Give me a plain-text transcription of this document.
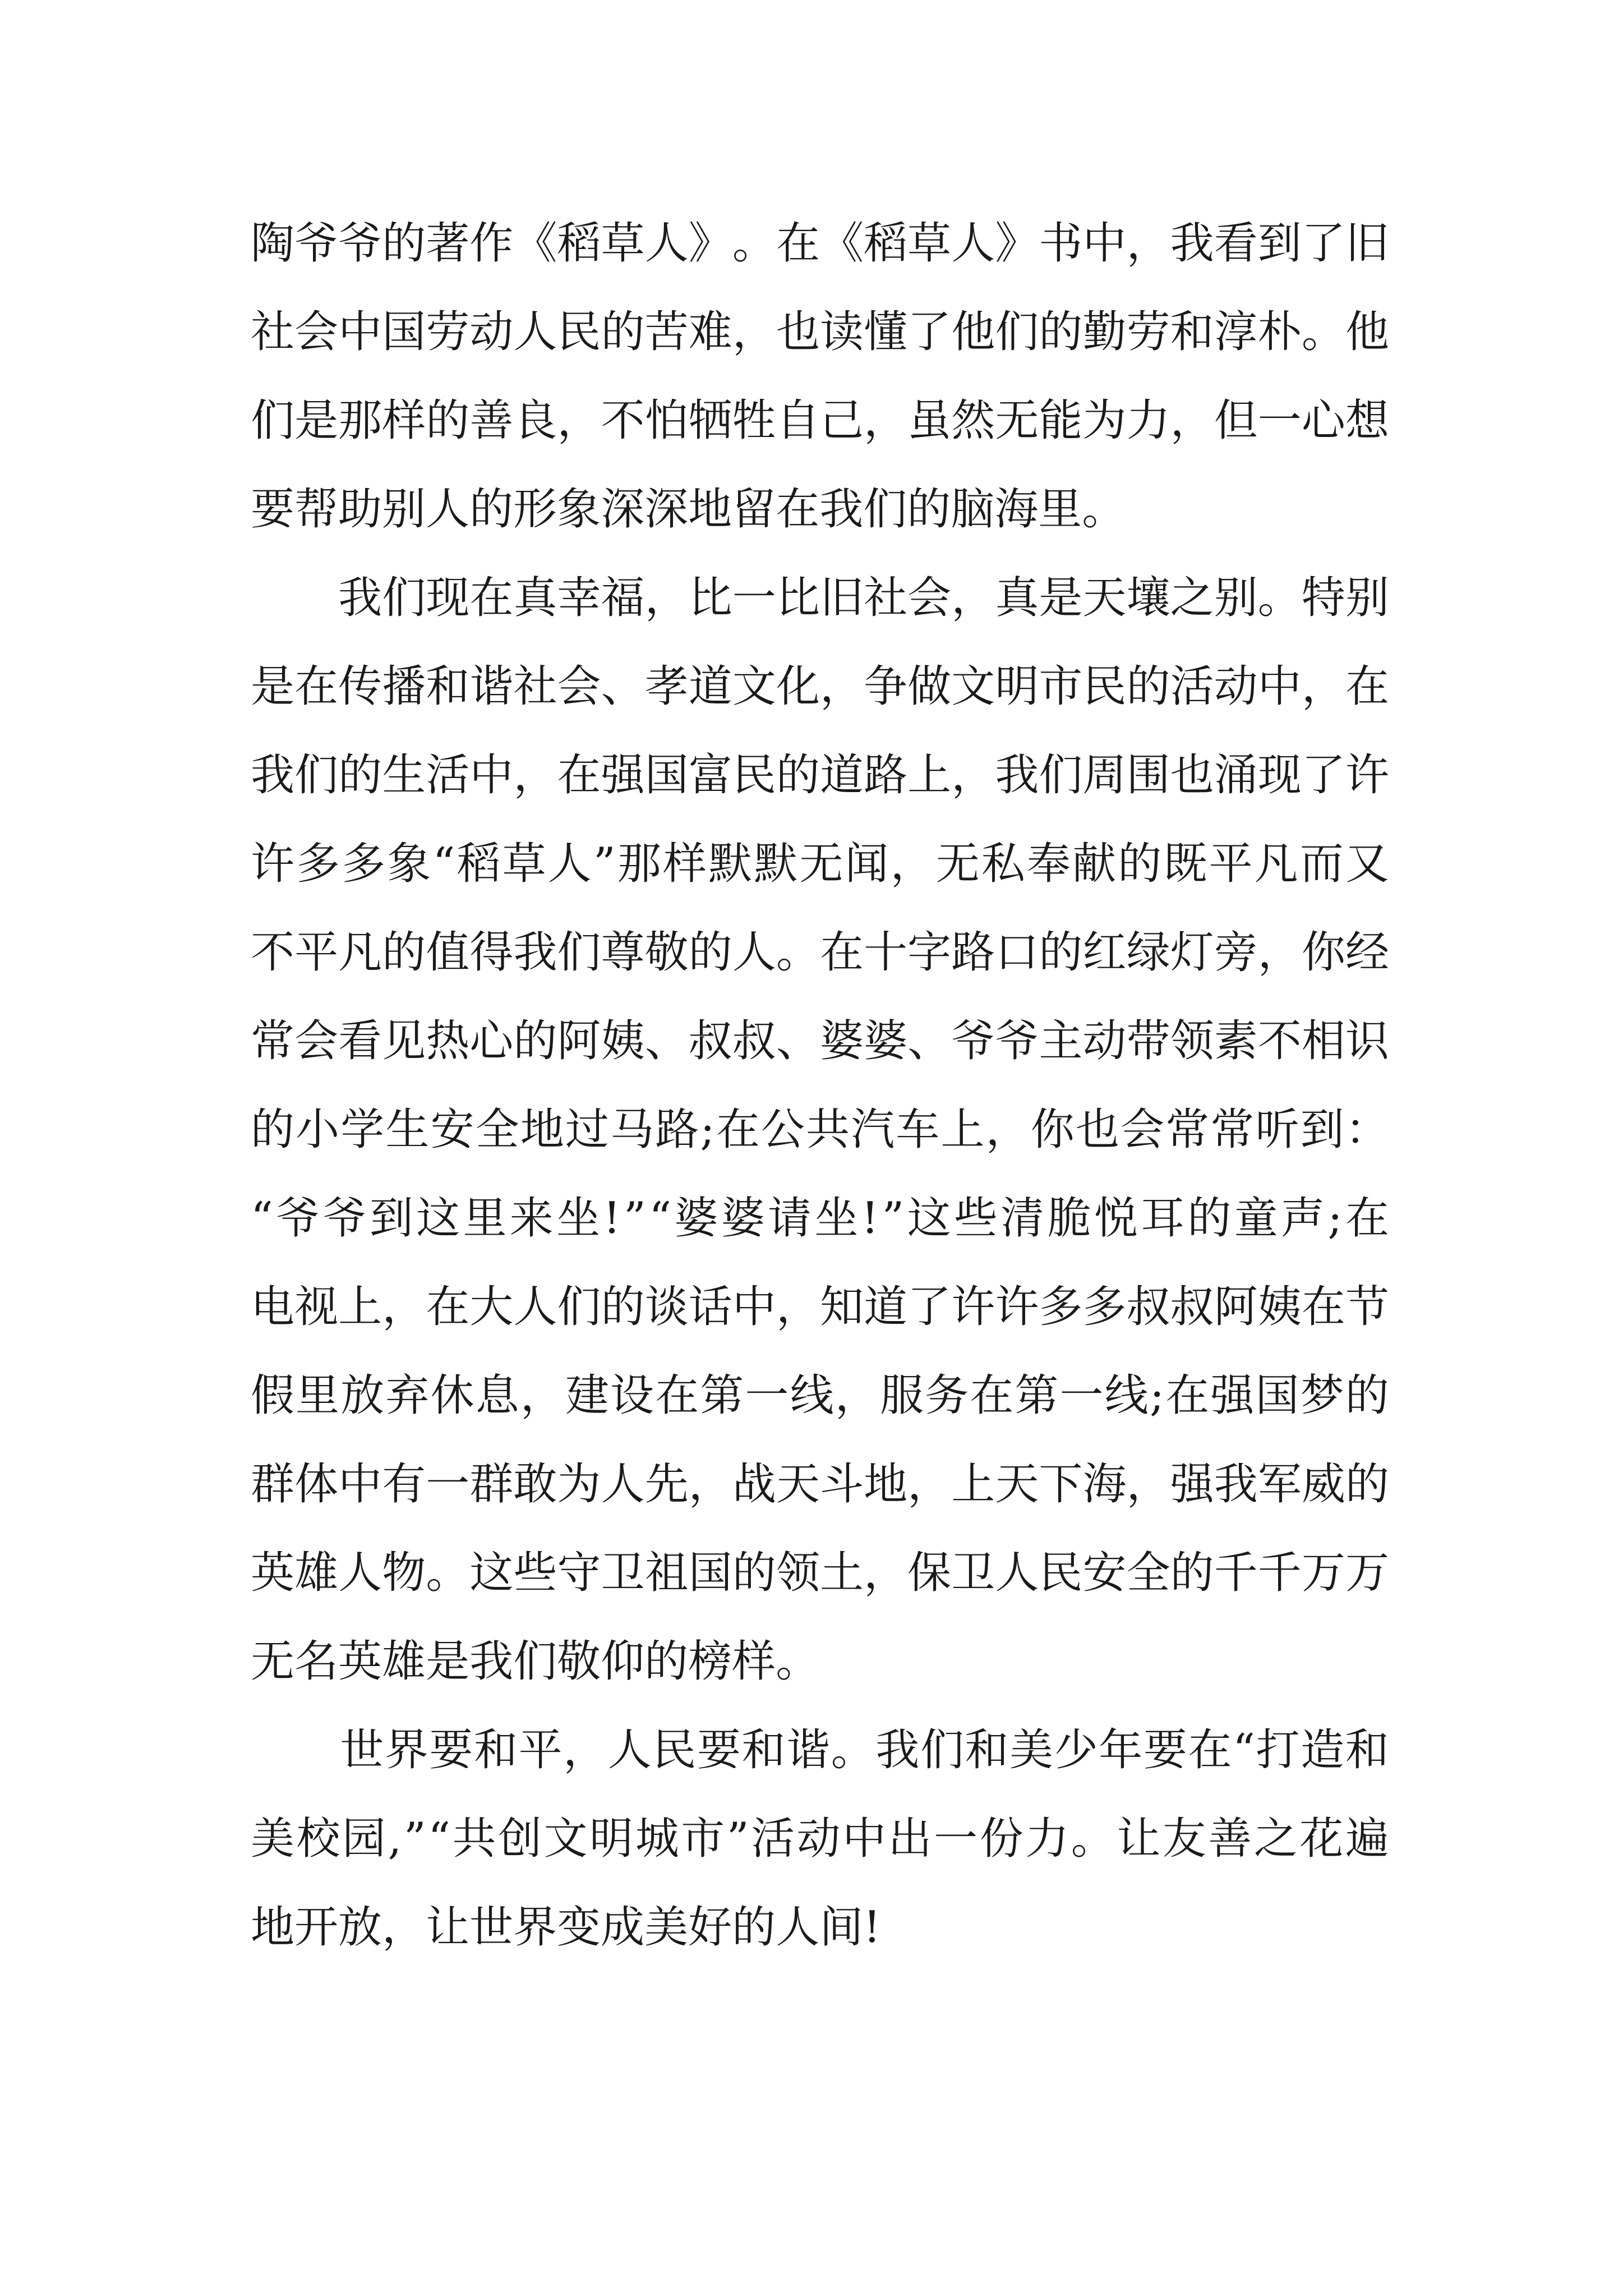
陶 爷 爷 的 著 作 《 稻 草 人 》 。 在 《 稻 草 人 》 书 中 ， 我 看 到 了 旧
社 会 中 国 劳 动 人 民 的 苦 难 ， 也 读 懂 了 他 们 的 勤 劳 和 淳 朴 。 他
们 是 那 样 的 善 良 ， 不 怕 牺 牲 自 己 ， 虽 然 无 能 为 力 ， 但 一 心 想
要 帮 助 别 人 的 形 象 深 深 地 留 在 我 们 的 脑 海 里 。

我 们 现 在 真 幸 福 ， 比 一 比 旧 社 会 ， 真 是 天 壤 之 别 。 特 别
是 在 传 播 和 谐 社 会 、 孝 道 文 化 ， 争 做 文 明 市 民 的 活 动 中 ， 在
我 们 的 生 活 中 ， 在 强 国 富 民 的 道 路 上 ， 我 们 周 围 也 涌 现 了 许
许 多 多 象 “ 稻 草 人 ” 那 样 默 默 无 闻 ， 无 私 奉 献 的 既 平 凡 而 又
不 平 凡 的 值 得 我 们 尊 敬 的 人 。 在 十 字 路 口 的 红 绿 灯 旁 ， 你 经
常 会 看 见 热 心 的 阿 姨 、 叔 叔 、 婆 婆 、 爷 爷 主 动 带 领 素 不 相 识
的 小 学 生 安 全 地 过 马 路 ; 在 公 共 汽 车 上 ， 你 也 会 常 常 听 到 ：
“ 爷 爷 到 这 里 来 坐 ! ” “ 婆 婆 请 坐 ! ” 这 些 清 脆 悦 耳 的 童 声 ; 在
电 视 上 ， 在 大 人 们 的 谈 话 中 ， 知 道 了 许 许 多 多 叔 叔 阿 姨 在 节
假 里 放 弃 休 息 ， 建 设 在 第 一 线 ， 服 务 在 第 一 线 ; 在 强 国 梦 的
群 体 中 有 一 群 敢 为 人 先 ， 战 天 斗 地 ， 上 天 下 海 ， 强 我 军 威 的
英 雄 人 物 。 这 些 守 卫 祖 国 的 领 土 ， 保 卫 人 民 安 全 的 千 千 万 万
无 名 英 雄 是 我 们 敬 仰 的 榜 样 。

世 界 要 和 平 ， 人 民 要 和 谐 。 我 们 和 美 少 年 要 在 “ 打 造 和
美 校 园 , ” “ 共 创 文 明 城 市 ” 活 动 中 出 一 份 力 。 让 友 善 之 花 遍
地 开 放 ， 让 世 界 变 成 美 好 的 人 间 !
